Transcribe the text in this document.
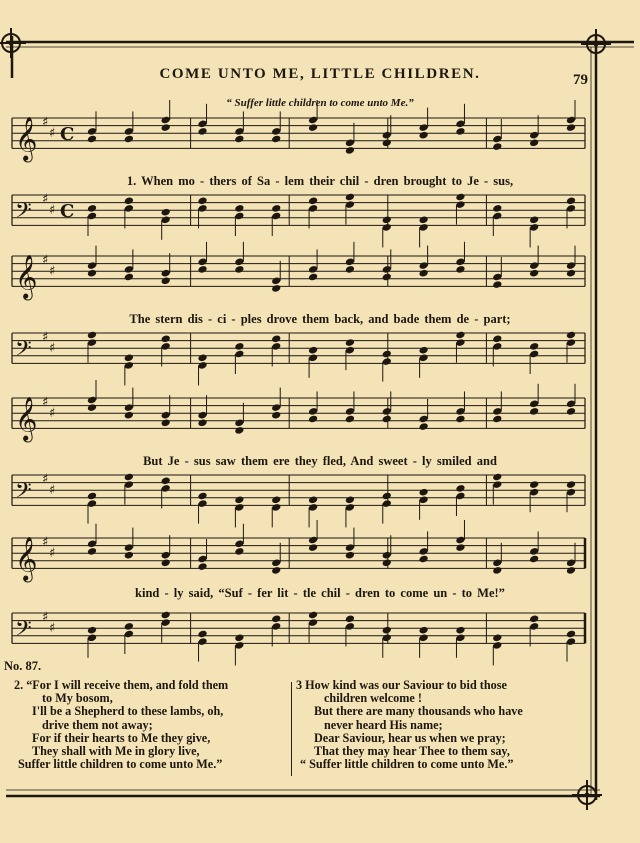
COME UNTO ME, LITTLE CHILDREN.	79
“ Suffer little children to come unto Me.”
𝄞 ♯
♯ C
𝄢 ♯
♯ C
𝄞 ♯
♯
𝄢 ♯
♯
𝄞 ♯
♯
𝄢 ♯
♯
𝄞 ♯
♯
𝄢 ♯
♯
1. When mo - thers of Sa - lem their chil - dren brought to Je - sus,
The stern dis - ci - ples drove them back, and bade them de - part;
But Je - sus saw them ere they fled, And sweet - ly smiled and
kind - ly said, “Suf - fer lit - tle chil - dren to come un - to Me!”
No. 87.
2. “For I will receive them, and fold them
to My bosom,
I'll be a Shepherd to these lambs, oh,
drive them not away;
For if their hearts to Me they give,
They shall with Me in glory live,
Suffer little children to come unto Me.”
3 How kind was our Saviour to bid those
children welcome !
But there are many thousands who have
never heard His name;
Dear Saviour, hear us when we pray;
That they may hear Thee to them say,
“ Suffer little children to come unto Me.”
